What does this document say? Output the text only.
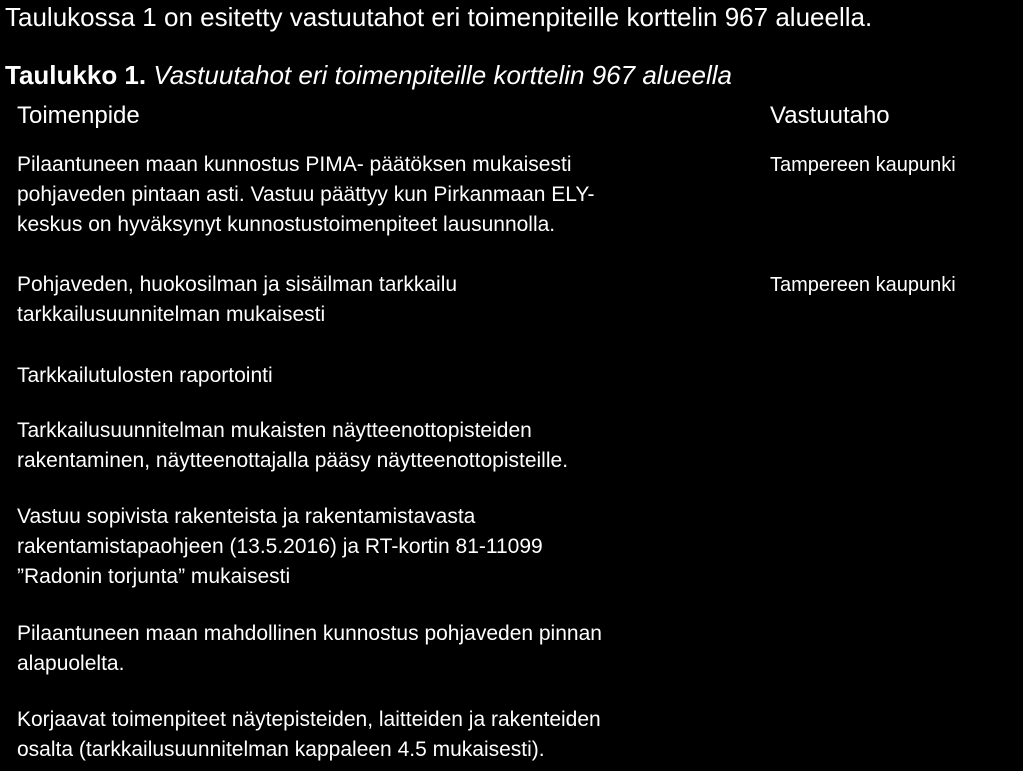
Taulukossa 1 on esitetty vastuutahot eri toimenpiteille korttelin 967 alueella.
Taulukko 1. Vastuutahot eri toimenpiteille korttelin 967 alueella
Toimenpide	Vastuutaho
Pilaantuneen maan kunnostus PIMA- päätöksen mukaisesti
pohjaveden pintaan asti. Vastuu päättyy kun Pirkanmaan ELY-
keskus on hyväksynyt kunnostustoimenpiteet lausunnolla.
Tampereen kaupunki
Pohjaveden, huokosilman ja sisäilman tarkkailu
tarkkailusuunnitelman mukaisesti
Tampereen kaupunki
Tarkkailutulosten raportointi
Tarkkailusuunnitelman mukaisten näytteenottopisteiden
rakentaminen, näytteenottajalla pääsy näytteenottopisteille.
Vastuu sopivista rakenteista ja rakentamistavasta
rakentamistapaohjeen (13.5.2016) ja RT-kortin 81-11099
”Radonin torjunta” mukaisesti
Pilaantuneen maan mahdollinen kunnostus pohjaveden pinnan
alapuolelta.
Korjaavat toimenpiteet näytepisteiden, laitteiden ja rakenteiden
osalta (tarkkailusuunnitelman kappaleen 4.5 mukaisesti).
